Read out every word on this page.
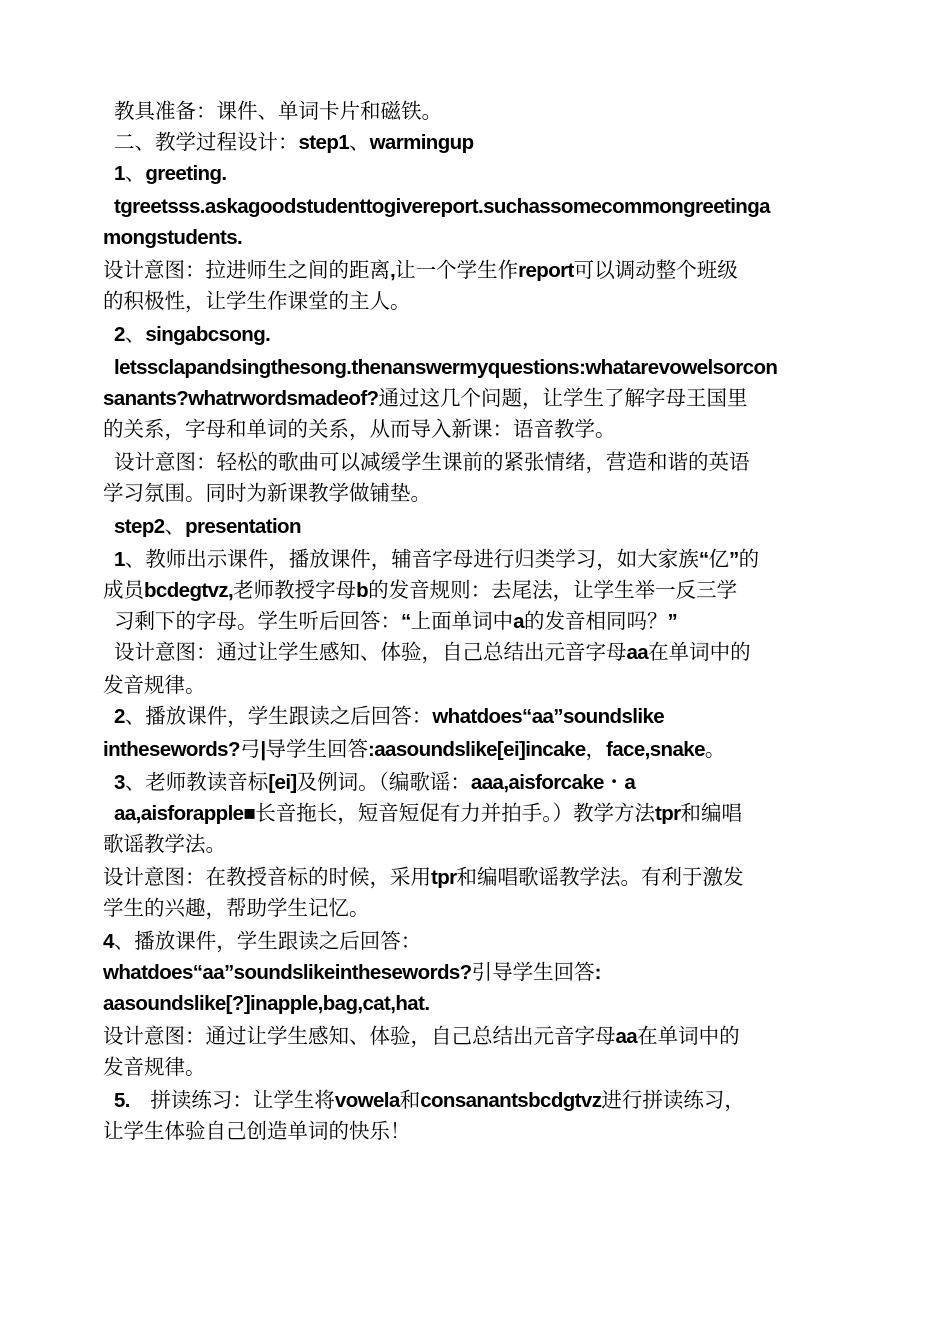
教具准备：课件、单词卡片和磁铁。
二、教学过程设计：step1、warmingup
1、greeting.
tgreetsss.askagoodstudenttogivereport.suchassomecommongreetinga
mongstudents.
设计意图：拉进师生之间的距离,让一个学生作report可以调动整个班级
的积极性，让学生作课堂的主人。
2、singabcsong.
letssclapandsingthesong.thenanswermyquestions:whatarevowelsorcon
sanants?whatrwordsmadeof?通过这几个问题，让学生了解字母王国里
的关系，字母和单词的关系，从而导入新课：语音教学。
设计意图：轻松的歌曲可以减缓学生课前的紧张情绪，营造和谐的英语
学习氛围。同时为新课教学做铺垫。
step2、presentation
1、教师出示课件，播放课件，辅音字母进行归类学习，如大家族“亿”的
成员bcdegtvz,老师教授字母b的发音规则：去尾法，让学生举一反三学
习剩下的字母。学生听后回答：“上面单词中a的发音相同吗？”
设计意图：通过让学生感知、体验，自己总结出元音字母aa在单词中的
发音规律。
2、播放课件，学生跟读之后回答：whatdoes“aa”soundslike
inthesewords?弓|导学生回答:aasoundslike[ei]incake，face,snake。
3、老师教读音标[ei]及例词。（编歌谣：aaa,aisforcake・a
aa,aisforapple■长音拖长，短音短促有力并拍手。）教学方法tpr和编唱
歌谣教学法。
设计意图：在教授音标的时候，采用tpr和编唱歌谣教学法。有利于激发
学生的兴趣，帮助学生记忆。
4、播放课件，学生跟读之后回答：
whatdoes“aa”soundslikeinthesewords?引导学生回答:
aasoundslike[?]inapple,bag,cat,hat.
设计意图：通过让学生感知、体验，自己总结出元音字母aa在单词中的
发音规律。
5.　拼读练习：让学生将vowela和consanantsbcdgtvz进行拼读练习，
让学生体验自己创造单词的快乐！
